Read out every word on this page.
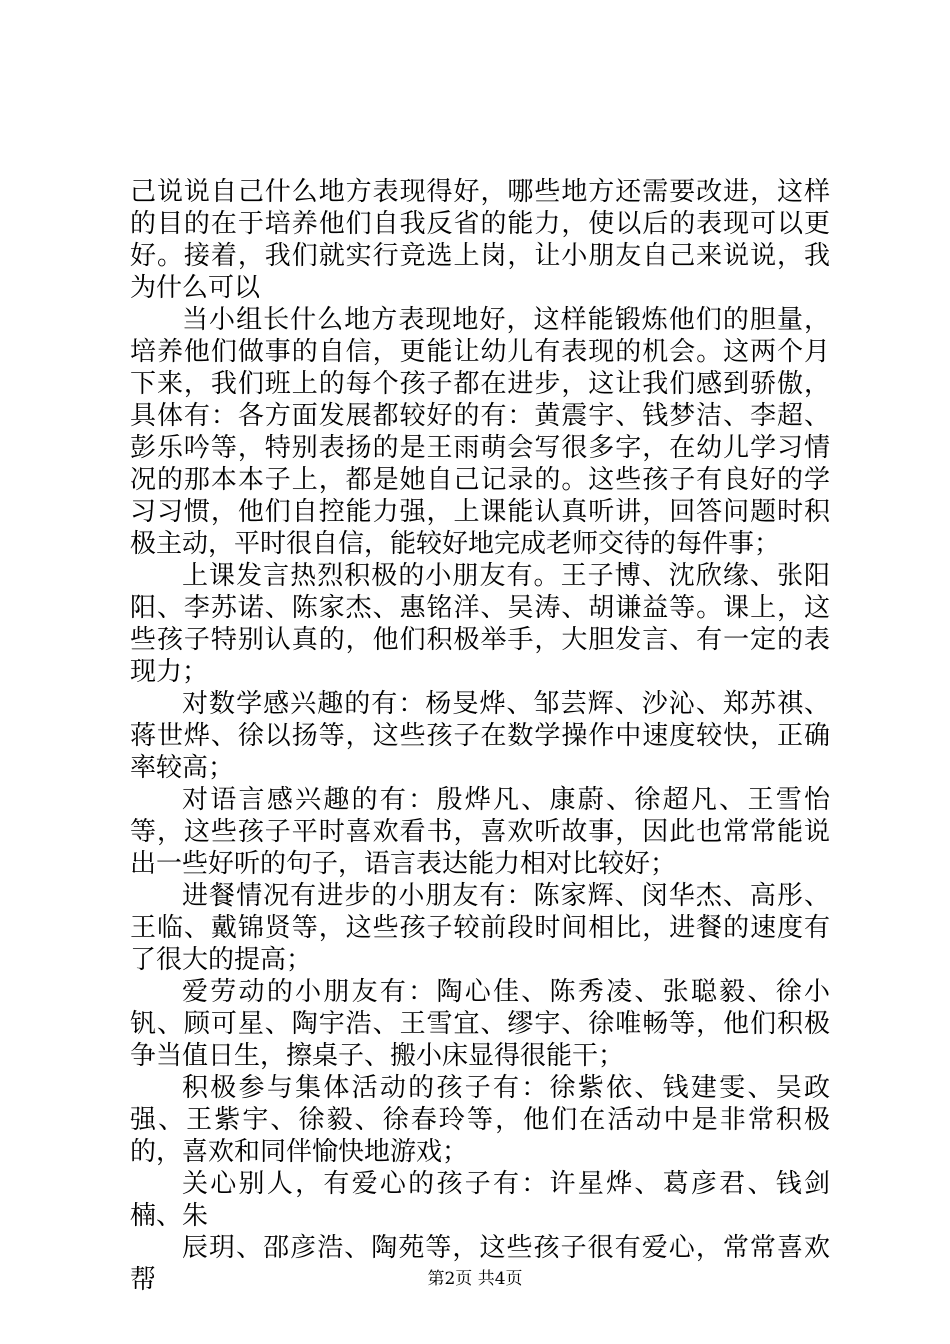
己说说自己什么地方表现得好，哪些地方还需要改进，这样的目的在于培养他们自我反省的能力，使以后的表现可以更好。接着，我们就实行竞选上岗，让小朋友自己来说说，我为什么可以

当小组长什么地方表现地好，这样能锻炼他们的胆量，培养他们做事的自信，更能让幼儿有表现的机会。这两个月下来，我们班上的每个孩子都在进步，这让我们感到骄傲，具体有：各方面发展都较好的有：黄震宇、钱梦洁、李超、彭乐吟等，特别表扬的是王雨萌会写很多字，在幼儿学习情况的那本本子上，都是她自己记录的。这些孩子有良好的学习习惯，他们自控能力强，上课能认真听讲，回答问题时积极主动，平时很自信，能较好地完成老师交待的每件事；

上课发言热烈积极的小朋友有。王子博、沈欣缘、张阳阳、李苏诺、陈家杰、惠铭洋、吴涛、胡谦益等。课上，这些孩子特别认真的，他们积极举手，大胆发言、有一定的表现力；

对数学感兴趣的有：杨旻烨、邹芸辉、沙沁、郑苏祺、蒋世烨、徐以扬等，这些孩子在数学操作中速度较快，正确率较高；

对语言感兴趣的有：殷烨凡、康蔚、徐超凡、王雪怡等，这些孩子平时喜欢看书，喜欢听故事，因此也常常能说出一些好听的句子，语言表达能力相对比较好；

进餐情况有进步的小朋友有：陈家辉、闵华杰、高彤、王临、戴锦贤等，这些孩子较前段时间相比，进餐的速度有了很大的提高；

爱劳动的小朋友有：陶心佳、陈秀凌、张聪毅、徐小钒、顾可星、陶宇浩、王雪宜、缪宇、徐唯畅等，他们积极争当值日生，擦桌子、搬小床显得很能干；

积极参与集体活动的孩子有：徐紫依、钱建雯、吴政强、王紫宇、徐毅、徐春玲等，他们在活动中是非常积极的，喜欢和同伴愉快地游戏；

关心别人，有爱心的孩子有：许星烨、葛彦君、钱剑楠、朱

辰玥、邵彦浩、陶苑等，这些孩子很有爱心，常常喜欢帮	第2页 共4页
